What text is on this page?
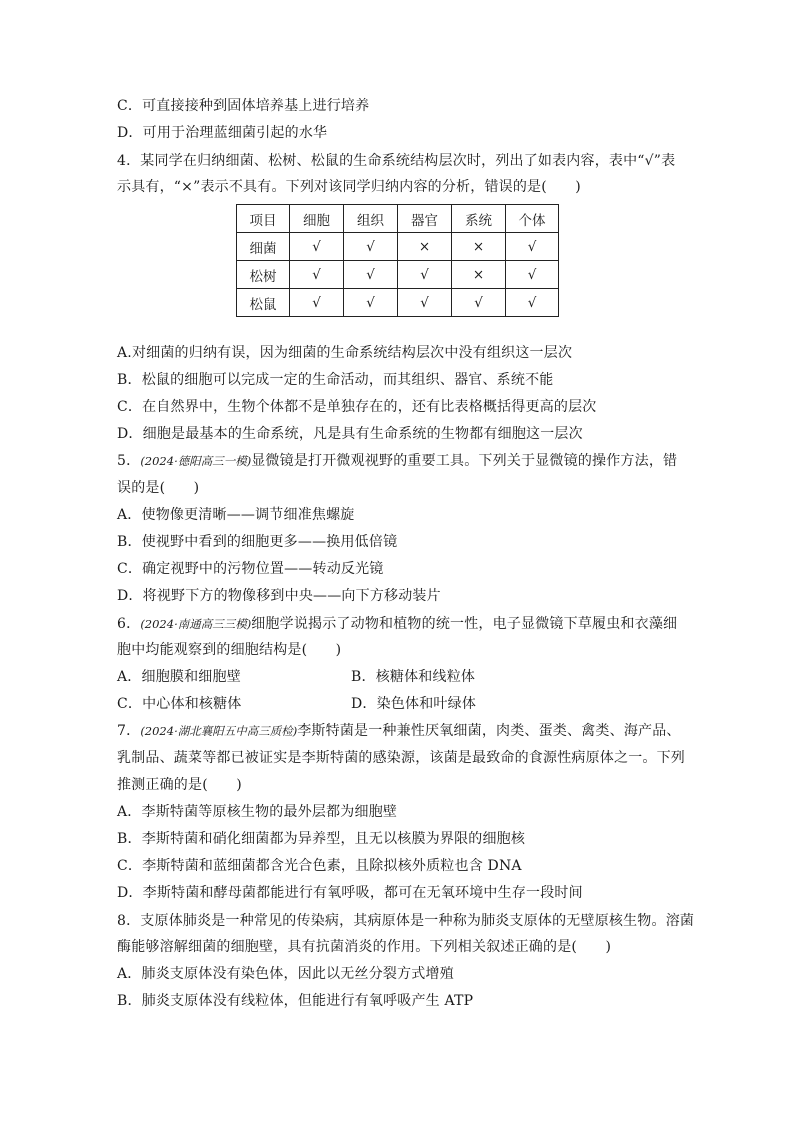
C．可直接接种到固体培养基上进行培养
D．可用于治理蓝细菌引起的水华
4．某同学在归纳细菌、松树、松鼠的生命系统结构层次时，列出了如表内容，表中“√”表
示具有，“×”表示不具有。下列对该同学归纳内容的分析，错误的是(　　)
项目	细胞	组织	器官	系统	个体
细菌	√	√	×	×	√
松树	√	√	√	×	√
松鼠	√	√	√	√	√
A.对细菌的归纳有误，因为细菌的生命系统结构层次中没有组织这一层次
B．松鼠的细胞可以完成一定的生命活动，而其组织、器官、系统不能
C．在自然界中，生物个体都不是单独存在的，还有比表格概括得更高的层次
D．细胞是最基本的生命系统，凡是具有生命系统的生物都有细胞这一层次
5．(2024·德阳高三一模)显微镜是打开微观视野的重要工具。下列关于显微镜的操作方法，错
误的是(　　)
A．使物像更清晰——调节细准焦螺旋
B．使视野中看到的细胞更多——换用低倍镜
C．确定视野中的污物位置——转动反光镜
D．将视野下方的物像移到中央——向下方移动装片
6．(2024·南通高三三模)细胞学说揭示了动物和植物的统一性，电子显微镜下草履虫和衣藻细
胞中均能观察到的细胞结构是(　　)
A．细胞膜和细胞壁	B．核糖体和线粒体
C．中心体和核糖体	D．染色体和叶绿体
7．(2024·湖北襄阳五中高三质检)李斯特菌是一种兼性厌氧细菌，肉类、蛋类、禽类、海产品、
乳制品、蔬菜等都已被证实是李斯特菌的感染源，该菌是最致命的食源性病原体之一。下列
推测正确的是(　　)
A．李斯特菌等原核生物的最外层都为细胞壁
B．李斯特菌和硝化细菌都为异养型，且无以核膜为界限的细胞核
C．李斯特菌和蓝细菌都含光合色素，且除拟核外质粒也含 DNA
D．李斯特菌和酵母菌都能进行有氧呼吸，都可在无氧环境中生存一段时间
8．支原体肺炎是一种常见的传染病，其病原体是一种称为肺炎支原体的无壁原核生物。溶菌
酶能够溶解细菌的细胞壁，具有抗菌消炎的作用。下列相关叙述正确的是(　　)
A．肺炎支原体没有染色体，因此以无丝分裂方式增殖
B．肺炎支原体没有线粒体，但能进行有氧呼吸产生 ATP
